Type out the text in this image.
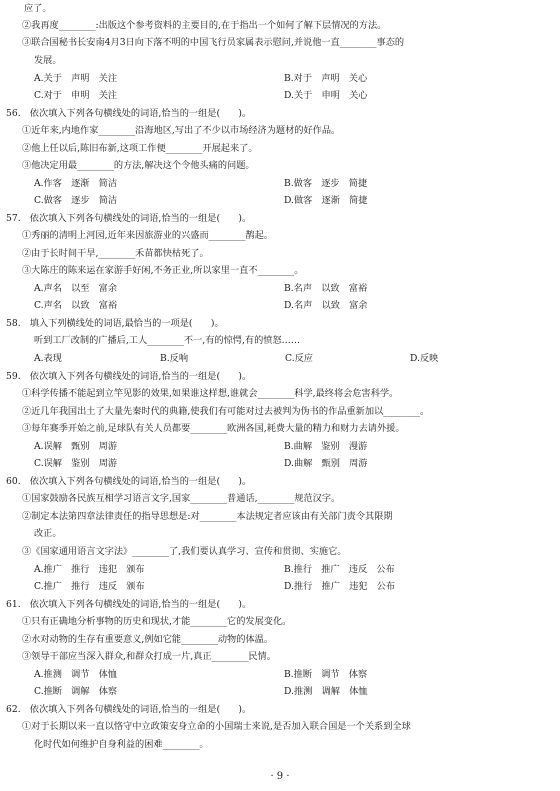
应了。
②我再度________:出版这个参考资料的主要目的,在于指出一个如何了解下层情况的方法。
③联合国秘书长安南4月3日向下落不明的中国飞行员家属表示慰问,并说他一直________事态的
发展。
A.关于　声明　关注	B.对于　声明　关心
C.对于　申明　关注	D.关于　申明　关心
56.　依次填入下列各句横线处的词语,恰当的一组是(　　)。
①近年来,内地作家________沿海地区,写出了不少以市场经济为题材的好作品。
②他上任以后,陈旧布新,这项工作便________开展起来了。
③他决定用最________的方法,解决这个令他头痛的问题。
A.作客　逐渐　简洁	B.做客　逐步　简捷
C.做客　逐步　简洁	D.做客　逐渐　简捷
57.　依次填入下列各句横线处的词语,恰当的一组是(　　)。
①秀丽的清明上河园,近年来因旅游业的兴盛而________鹊起。
②由于长时间干旱,________禾苗都快枯死了。
③大陈庄的陈来运在家游手好闲,不务正业,所以家里一直不________。
A.声名　以至　富余	B.名声　以致　富裕
C.声名　以致　富裕	D.名声　以致　富余
58.　填入下列横线处的词语,最恰当的一项是(　　)。
听到工厂改制的广播后,工人________不一,有的惊愕,有的愤怒……
A.表现	B.反响	C.反应	D.反映
59.　依次填入下列各句横线处的词语,恰当的一组是(　　)。
①科学传播不能起到立竿见影的效果,如果谁这样想,谁就会________科学,最终将会危害科学。
②近几年我国出土了大量先秦时代的典籍,使我们有可能对过去被判为伪书的作品重新加以________。
③每年赛季开始之前,足球队有关人员都要________欧洲各国,耗费大量的精力和财力去请外援。
A.误解　甄别　周游	B.曲解　鉴别　漫游
C.误解　鉴别　周游	D.曲解　甄别　周游
60.　依次填入下列各句横线处的词语,恰当的一组是(　　)。
①国家鼓励各民族互相学习语言文字,国家________普通话,________规范汉字。
②制定本法第四章法律责任的指导思想是:对________本法规定者应该由有关部门责令其限期
改正。
③《国家通用语言文字法》________了,我们要认真学习、宣传和贯彻、实施它。
A.推广　推行　违犯　颁布	B.推行　推广　违反　公布
C.推广　推行　违反　颁布	D.推行　推广　违犯　公布
61.　依次填入下列各句横线处的词语,恰当的一组是(　　)。
①只有正确地分析事物的历史和现状,才能________它的发展变化。
②水对动物的生存有重要意义,例如它能________动物的体温。
③领导干部应当深入群众,和群众打成一片,真正________民情。
A.推测　调节　体恤	B.推断　调节　体察
C.推断　调解　体察	D.推测　调解　体恤
62.　依次填入下列各句横线处的词语,恰当的一组是(　　)。
①对于长期以来一直以恪守中立政策安身立命的小国瑞士来说,是否加入联合国是一个关系到全球
化时代如何维护自身利益的困难________。
· 9 ·
